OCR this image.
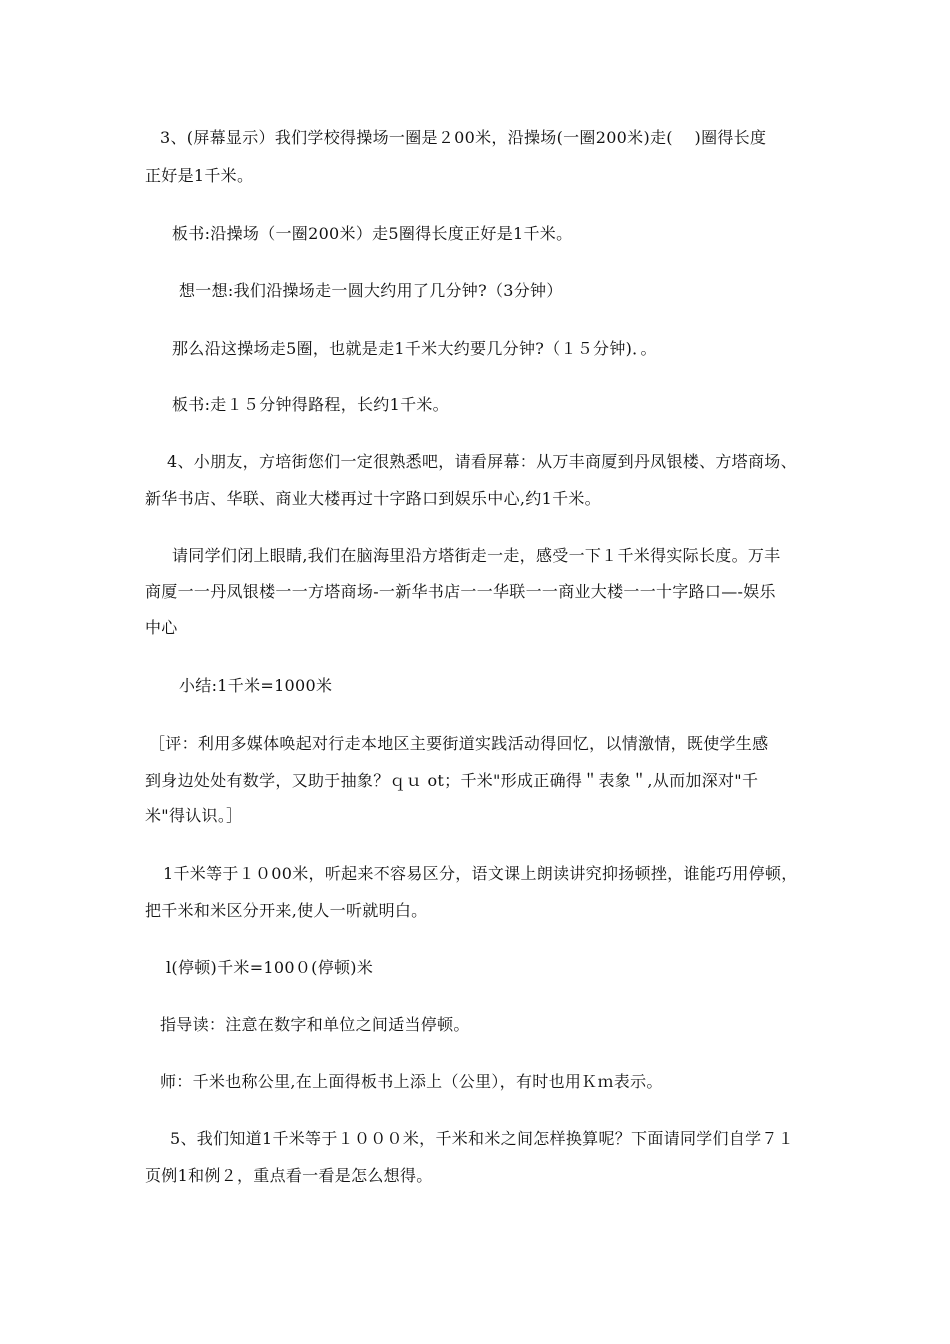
3、(屏幕显示）我们学校得操场一圈是２00米，沿操场(一圈200米)走(　 )圈得长度
正好是1千米。
板书:沿操场（一圈200米）走5圈得长度正好是1千米。
想一想:我们沿操场走一圆大约用了几分钟?（3分钟）
那么沿这操场走5圈，也就是走1千米大约要几分钟?（１５分钟)．。
板书:走１５分钟得路程，长约1千米。
4、小朋友，方培街您们一定很熟悉吧，请看屏幕：从万丰商厦到丹凤银楼、方塔商场、
新华书店、华联、商业大楼再过十字路口到娱乐中心,约1千米。
请同学们闭上眼睛,我们在脑海里沿方塔街走一走，感受一下１千米得实际长度。万丰
商厦一一丹凤银楼一一方塔商场-一新华书店一一华联一一商业大楼一一十字路口—-娱乐
中心
小结:1千米=1000米
［评：利用多媒体唤起对行走本地区主要街道实践活动得回忆，以情激情，既使学生感
到身边处处有数学，又助于抽象？ｑｕ ot；千米"形成正确得＂表象＂,从而加深对"千
米"得认识。］
1千米等于１０00米，听起来不容易区分，语文课上朗读讲究抑扬顿挫，谁能巧用停顿，
把千米和米区分开来,使人一听就明白。
l(停顿)千米=100０(停顿)米
指导读：注意在数字和单位之间适当停顿。
师：千米也称公里,在上面得板书上添上（公里），有时也用Ｋｍ表示。
5、我们知道1千米等于１０００米，千米和米之间怎样换算呢？下面请同学们自学７１
页例1和例２，重点看一看是怎么想得。
